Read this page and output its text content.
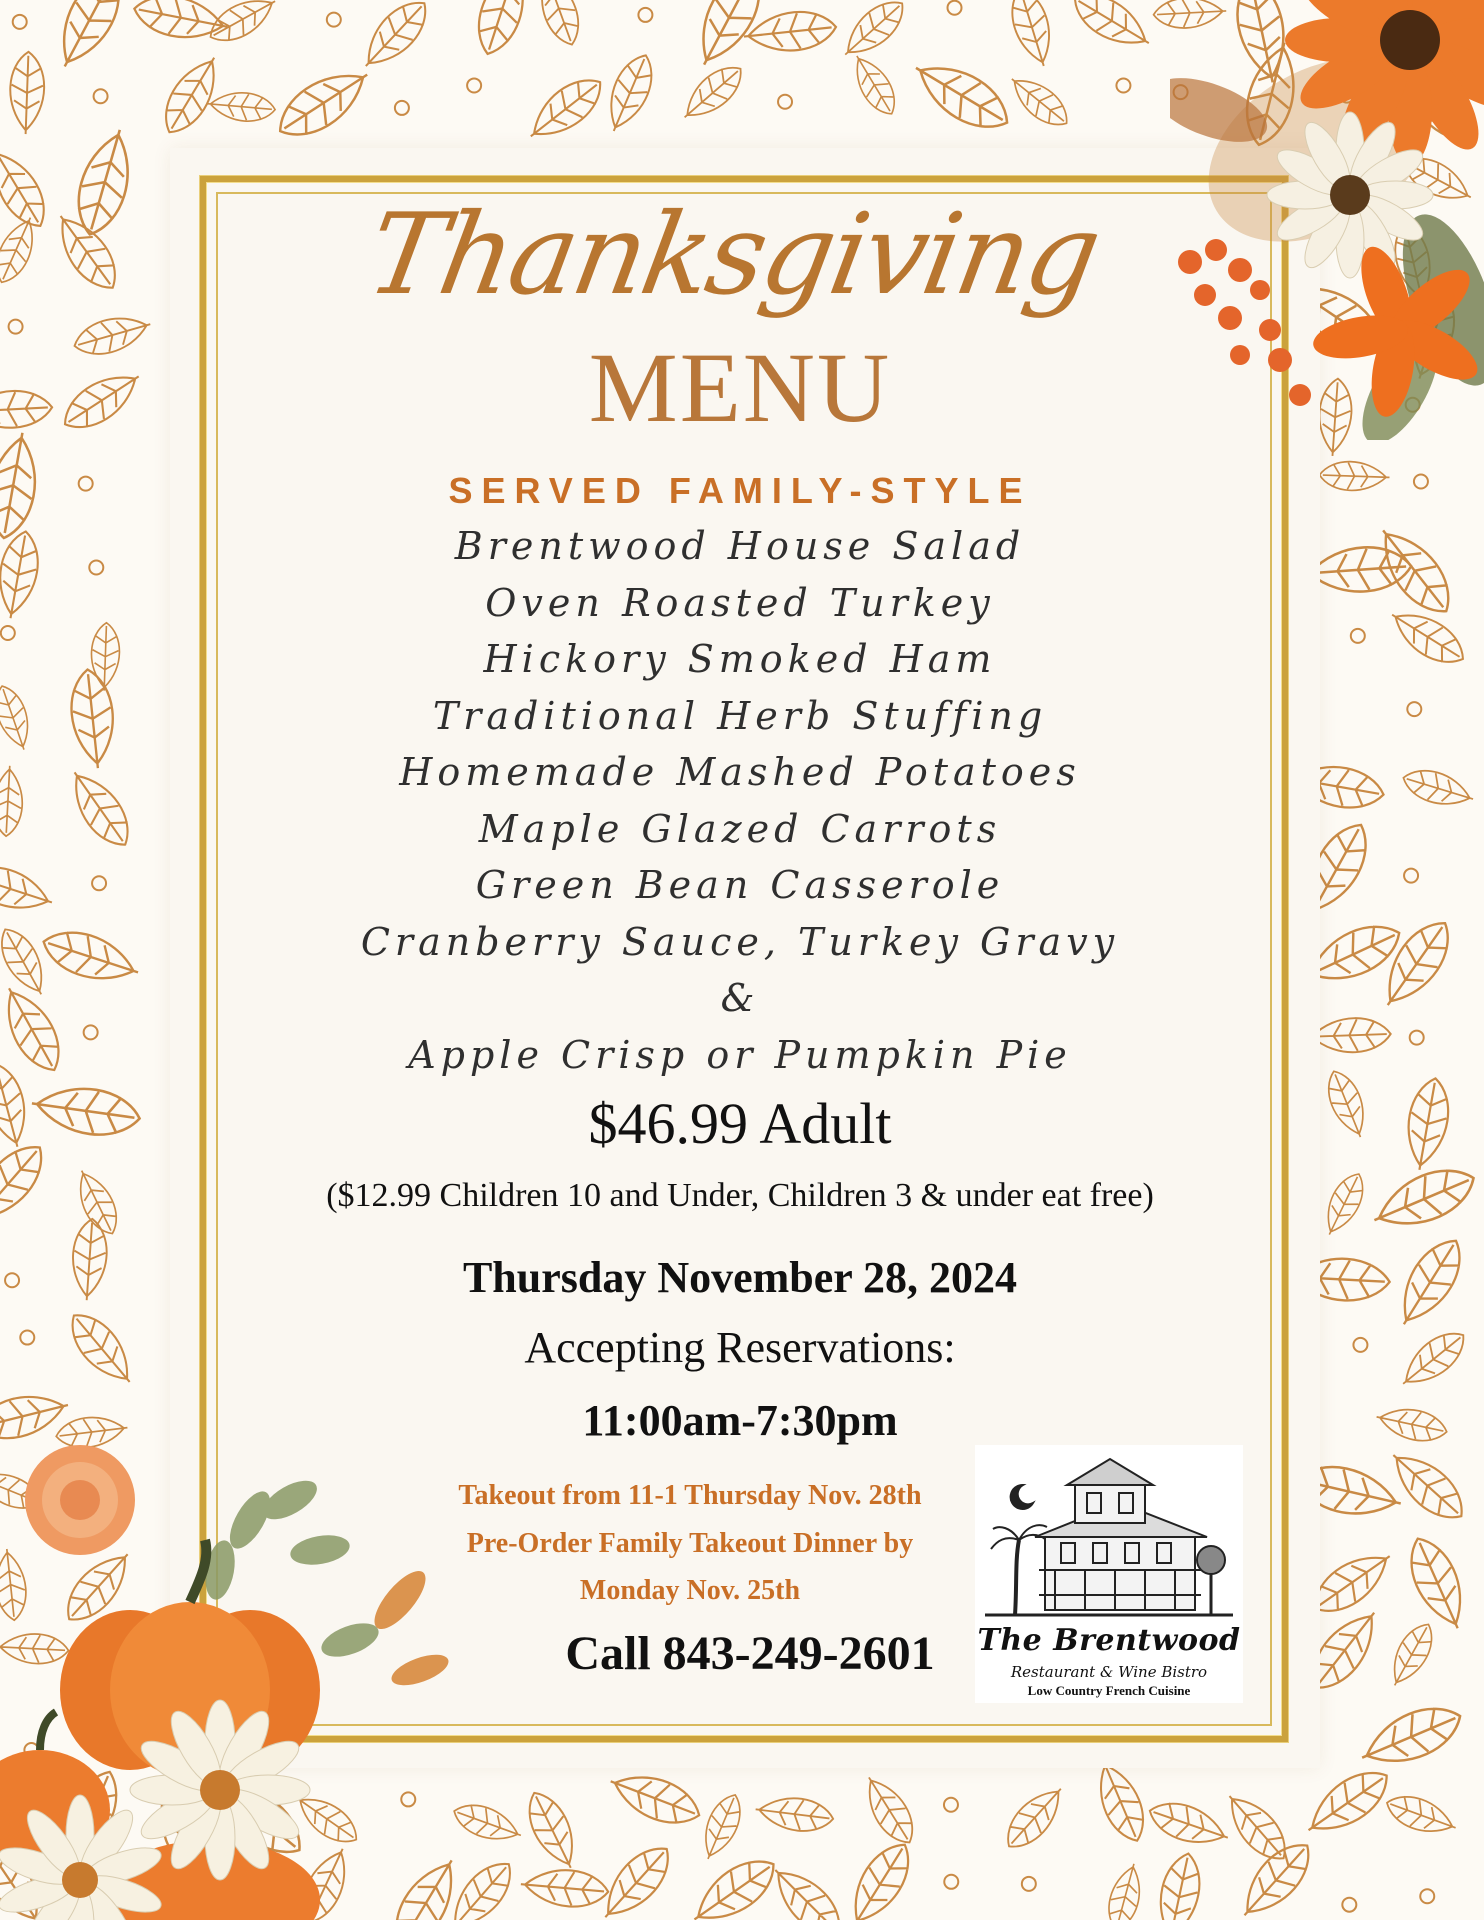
Thanksgiving
MENU
SERVED FAMILY-STYLE
Brentwood House Salad
Oven Roasted Turkey
Hickory Smoked Ham
Traditional Herb Stuffing
Homemade Mashed Potatoes
Maple Glazed Carrots
Green Bean Casserole
Cranberry Sauce, Turkey Gravy
&
Apple Crisp or Pumpkin Pie
$46.99 Adult
($12.99 Children 10 and Under, Children 3 & under eat free)
Thursday November 28, 2024
Accepting Reservations:
11:00am-7:30pm
Takeout from 11-1 Thursday Nov. 28th
Pre-Order Family Takeout Dinner by
Monday Nov. 25th
Call 843-249-2601	The Brentwood
Restaurant & Wine Bistro
Low Country French Cuisine
